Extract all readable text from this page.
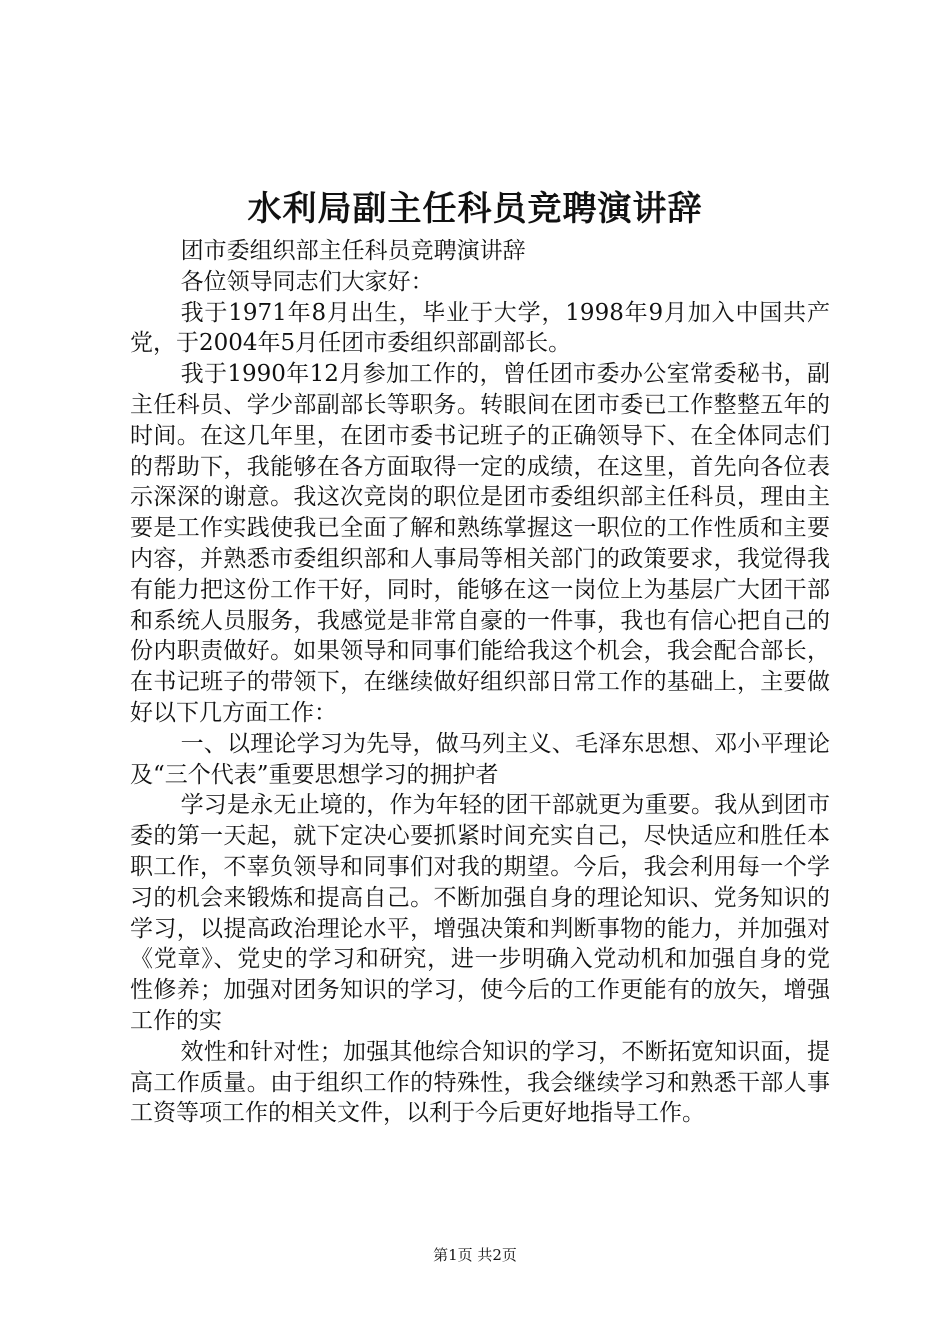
水利局副主任科员竞聘演讲辞

团市委组织部主任科员竞聘演讲辞

各位领导同志们大家好：

我于1971年8月出生，毕业于大学，1998年9月加入中国共产党，于2004年5月任团市委组织部副部长。

我于1990年12月参加工作的，曾任团市委办公室常委秘书，副主任科员、学少部副部长等职务。转眼间在团市委已工作整整五年的时间。在这几年里，在团市委书记班子的正确领导下、在全体同志们的帮助下，我能够在各方面取得一定的成绩，在这里，首先向各位表示深深的谢意。我这次竞岗的职位是团市委组织部主任科员，理由主要是工作实践使我已全面了解和熟练掌握这一职位的工作性质和主要内容，并熟悉市委组织部和人事局等相关部门的政策要求，我觉得我有能力把这份工作干好，同时，能够在这一岗位上为基层广大团干部和系统人员服务，我感觉是非常自豪的一件事，我也有信心把自己的份内职责做好。如果领导和同事们能给我这个机会，我会配合部长，在书记班子的带领下，在继续做好组织部日常工作的基础上，主要做好以下几方面工作：

一、以理论学习为先导，做马列主义、毛泽东思想、邓小平理论及“三个代表”重要思想学习的拥护者

学习是永无止境的，作为年轻的团干部就更为重要。我从到团市委的第一天起，就下定决心要抓紧时间充实自己，尽快适应和胜任本职工作，不辜负领导和同事们对我的期望。今后，我会利用每一个学习的机会来锻炼和提高自己。不断加强自身的理论知识、党务知识的学习，以提高政治理论水平，增强决策和判断事物的能力，并加强对《党章》、党史的学习和研究，进一步明确入党动机和加强自身的党性修养；加强对团务知识的学习，使今后的工作更能有的放矢，增强工作的实

效性和针对性；加强其他综合知识的学习，不断拓宽知识面，提高工作质量。由于组织工作的特殊性，我会继续学习和熟悉干部人事工资等项工作的相关文件，以利于今后更好地指导工作。

第1页 共2页
